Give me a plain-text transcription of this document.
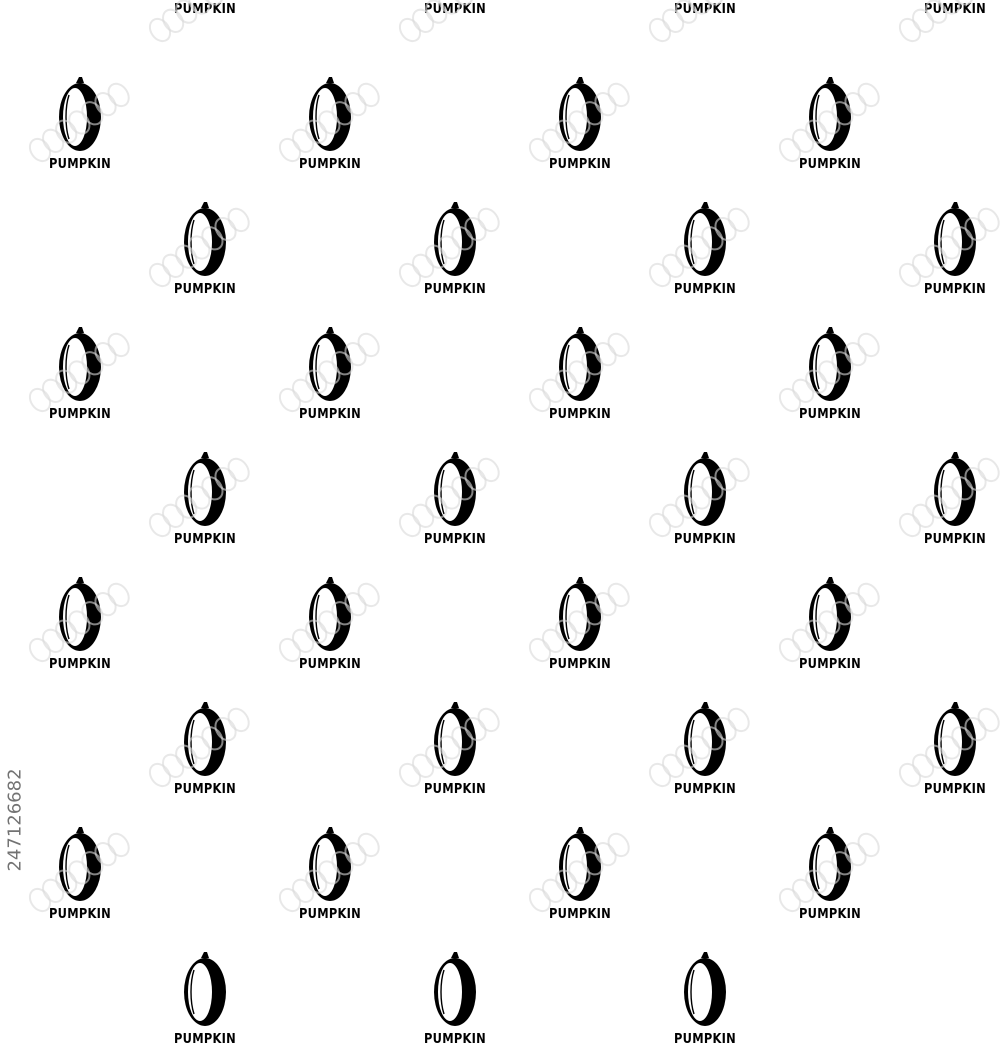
PUMPKIN	PUMPKIN	PUMPKIN	PUMPKIN
PUMPKIN	PUMPKIN	PUMPKIN	PUMPKIN
PUMPKIN	PUMPKIN	PUMPKIN	PUMPKIN
PUMPKIN	PUMPKIN	PUMPKIN	PUMPKIN
PUMPKIN	PUMPKIN	PUMPKIN	PUMPKIN
PUMPKIN	PUMPKIN	PUMPKIN	PUMPKIN
PUMPKIN	PUMPKIN	PUMPKIN	PUMPKIN
PUMPKIN	PUMPKIN	PUMPKIN	PUMPKIN
PUMPKIN	PUMPKIN	PUMPKIN
247126682
